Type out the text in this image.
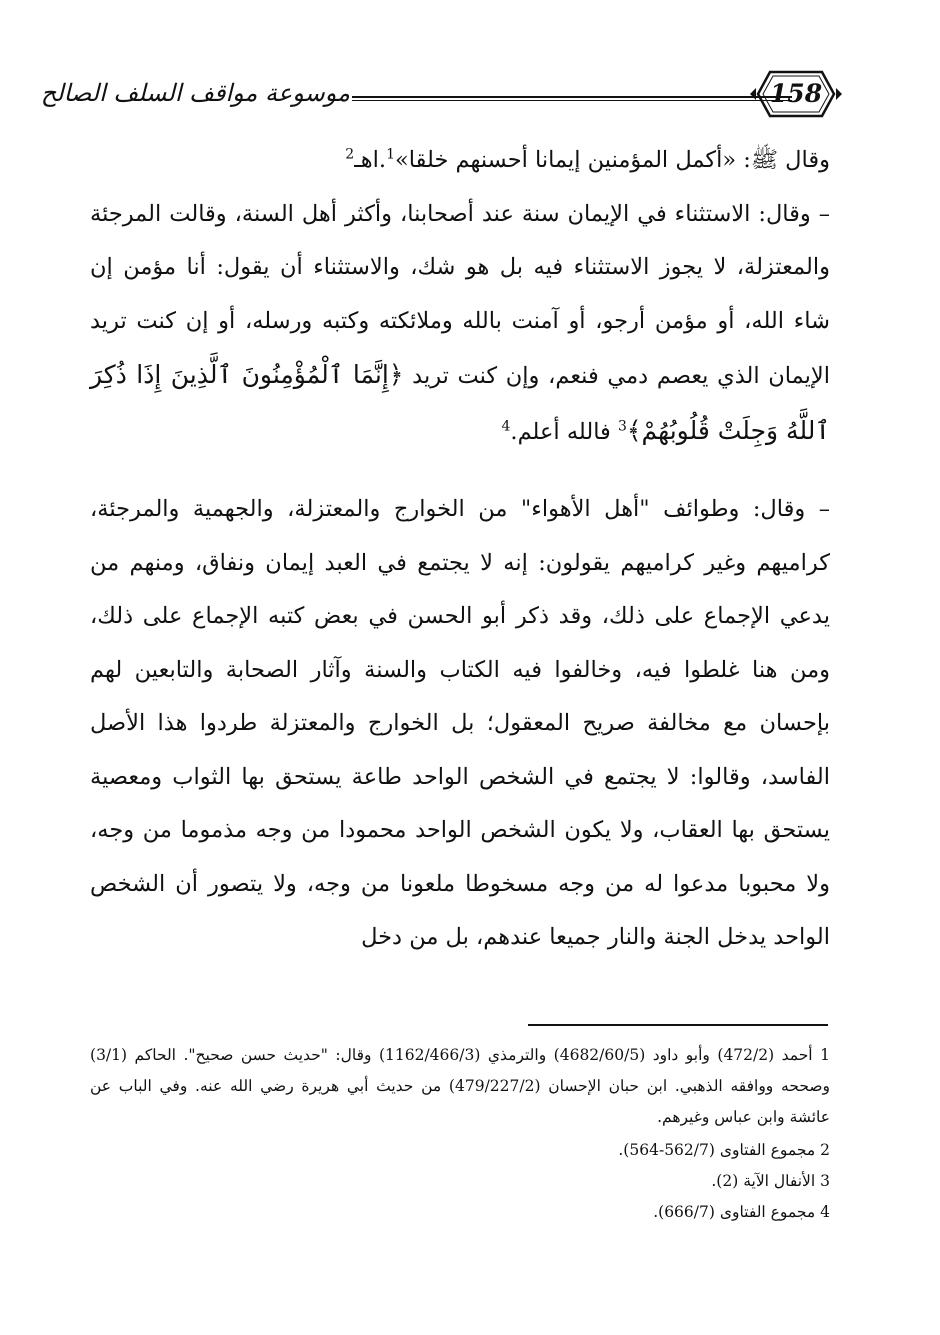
موسوعة مواقف السلف الصالح	158

وقال ﷺ: «أكمل المؤمنين إيمانا أحسنهم خلقا»$^1$.اهـ$^2$

– وقال: الاستثناء في الإيمان سنة عند أصحابنا، وأكثر أهل السنة، وقالت المرجئة والمعتزلة، لا يجوز الاستثناء فيه بل هو شك، والاستثناء أن يقول: أنا مؤمن إن شاء الله، أو مؤمن أرجو، أو آمنت بالله وملائكته وكتبه ورسله، أو إن كنت تريد الإيمان الذي يعصم دمي فنعم، وإن كنت تريد ﴿إِنَّمَا ٱلْمُؤْمِنُونَ ٱلَّذِينَ إِذَا ذُكِرَ ٱللَّهُ وَجِلَتْ قُلُوبُهُمْ﴾$^3$ فالله أعلم.$^4$

– وقال: وطوائف "أهل الأهواء" من الخوارج والمعتزلة، والجهمية والمرجئة، كراميهم وغير كراميهم يقولون: إنه لا يجتمع في العبد إيمان ونفاق، ومنهم من يدعي الإجماع على ذلك، وقد ذكر أبو الحسن في بعض كتبه الإجماع على ذلك، ومن هنا غلطوا فيه، وخالفوا فيه الكتاب والسنة وآثار الصحابة والتابعين لهم بإحسان مع مخالفة صريح المعقول؛ بل الخوارج والمعتزلة طردوا هذا الأصل الفاسد، وقالوا: لا يجتمع في الشخص الواحد طاعة يستحق بها الثواب ومعصية يستحق بها العقاب، ولا يكون الشخص الواحد محمودا من وجه مذموما من وجه، ولا محبوبا مدعوا له من وجه مسخوطا ملعونا من وجه، ولا يتصور أن الشخص الواحد يدخل الجنة والنار جميعا عندهم، بل من دخل

1 أحمد (472/2) وأبو داود (4682/60/5) والترمذي (1162/466/3) وقال: "حديث حسن صحيح". الحاكم (3/1) وصححه ووافقه الذهبي. ابن حبان الإحسان (479/227/2) من حديث أبي هريرة رضي الله عنه. وفي الباب عن عائشة وابن عباس وغيرهم.

2 مجموع الفتاوى (562/7-564).

3 الأنفال الآية (2).

4 مجموع الفتاوى (666/7).
